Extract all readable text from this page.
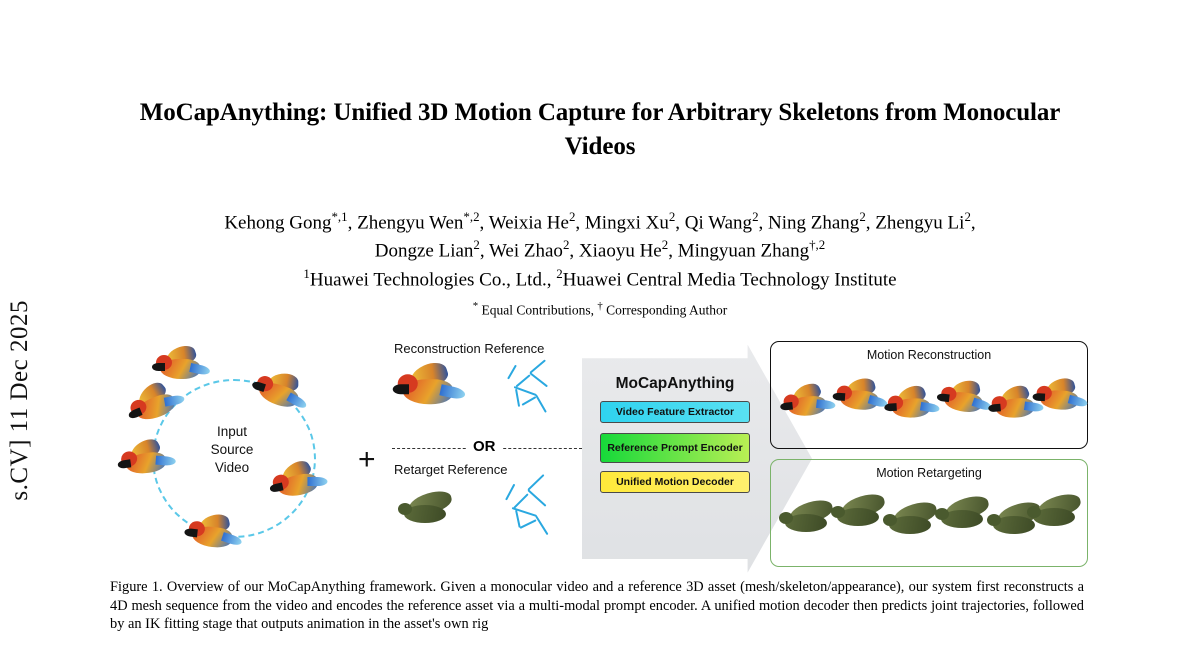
s.CV] 11 Dec 2025
MoCapAnything: Unified 3D Motion Capture for Arbitrary Skeletons from Monocular Videos
Kehong Gong$^{*,1}$, Zhengyu Wen$^{*,2}$, Weixia He$^2$, Mingxi Xu$^2$, Qi Wang$^2$, Ning Zhang$^2$, Zhengyu Li$^2$,
Dongze Lian$^2$, Wei Zhao$^2$, Xiaoyu He$^2$, Mingyuan Zhang$^{\dagger,2}$
$^1$Huawei Technologies Co., Ltd., $^2$Huawei Central Media Technology Institute
* Equal Contributions, † Corresponding Author
Input
Source
Video	+
Reconstruction Reference
OR
Retarget Reference
MoCapAnything
Video Feature Extractor
Reference Prompt Encoder
Unified Motion Decoder
Motion Reconstruction
Motion Retargeting
Figure 1. Overview of our MoCapAnything framework. Given a monocular video and a reference 3D asset (mesh/skeleton/appearance), our system first reconstructs a 4D mesh sequence from the video and encodes the reference asset via a multi-modal prompt encoder. A unified motion decoder then predicts joint trajectories, followed by an IK fitting stage that outputs animation in the asset's own rig
